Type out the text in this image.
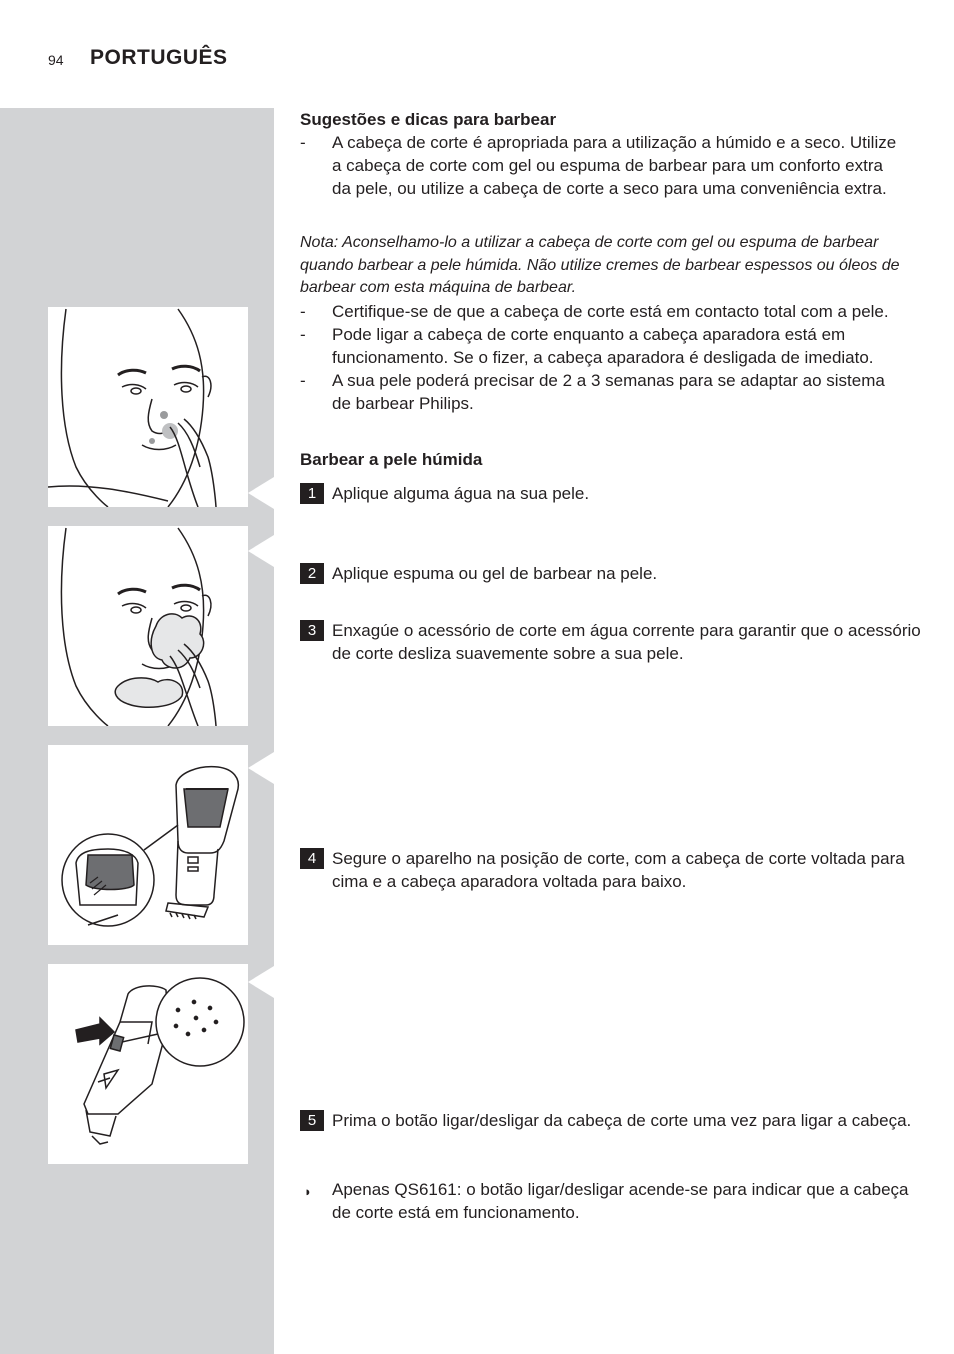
94 PORTUGUÊS
Sugestões e dicas para barbear
- A cabeça de corte é apropriada para a utilização a húmido e a seco. Utilize a cabeça de corte com gel ou espuma de barbear para um conforto extra da pele, ou utilize a cabeça de corte a seco para uma conveniência extra.

Nota: Aconselhamo-lo a utilizar a cabeça de corte com gel ou espuma de barbear quando barbear a pele húmida. Não utilize cremes de barbear espessos ou óleos de barbear com esta máquina de barbear.

- Certifique-se de que a cabeça de corte está em contacto total com a pele.
- Pode ligar a cabeça de corte enquanto a cabeça aparadora está em funcionamento. Se o fizer, a cabeça aparadora é desligada de imediato.
- A sua pele poderá precisar de 2 a 3 semanas para se adaptar ao sistema de barbear Philips.
Barbear a pele húmida
1 Aplique alguma água na sua pele.
2 Aplique espuma ou gel de barbear na pele.
3 Enxagúe o acessório de corte em água corrente para garantir que o acessório de corte desliza suavemente sobre a sua pele.
4 Segure o aparelho na posição de corte, com a cabeça de corte voltada para cima e a cabeça aparadora voltada para baixo.
5 Prima o botão ligar/desligar da cabeça de corte uma vez para ligar a cabeça.
◗ Apenas QS6161: o botão ligar/desligar acende-se para indicar que a cabeça de corte está em funcionamento.
